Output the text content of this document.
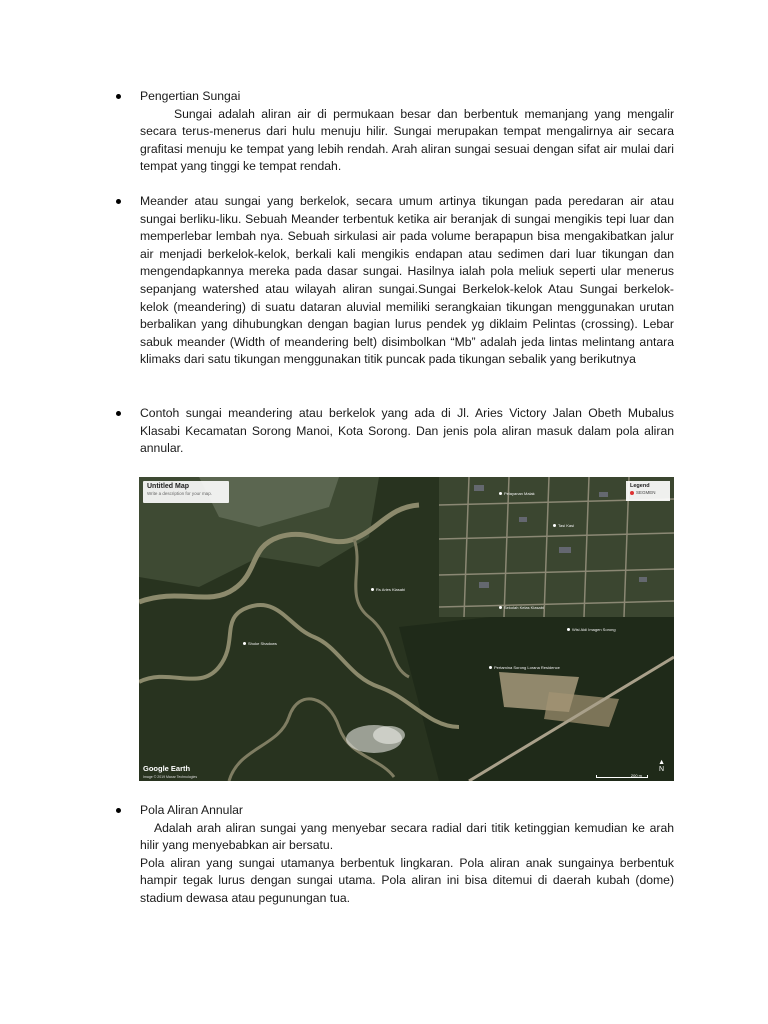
Pengertian Sungai
Sungai adalah aliran air di permukaan besar dan berbentuk memanjang yang mengalir secara terus-menerus dari hulu menuju hilir. Sungai merupakan tempat mengalirnya air secara grafitasi menuju ke tempat yang lebih rendah. Arah aliran sungai sesuai dengan sifat air mulai dari tempat yang tinggi ke tempat rendah.
Meander atau sungai yang berkelok, secara umum artinya tikungan pada peredaran air atau sungai berliku-liku. Sebuah Meander terbentuk ketika air beranjak di sungai mengikis tepi luar dan memperlebar lembah nya. Sebuah sirkulasi air pada volume berapapun bisa mengakibatkan jalur air menjadi berkelok-kelok, berkali kali mengikis endapan atau sedimen dari luar tikungan dan mengendapkannya mereka pada dasar sungai. Hasilnya ialah pola meliuk seperti ular menerus sepanjang watershed atau wilayah aliran sungai.Sungai Berkelok-kelok Atau Sungai berkelok-kelok (meandering) di suatu dataran aluvial memiliki serangkaian tikungan menggunakan urutan berbalikan yang dihubungkan dengan bagian lurus pendek yg diklaim Pelintas (crossing). Lebar sabuk meander (Width of meandering belt) disimbolkan “Mb” adalah jeda lintas melintang antara klimaks dari satu tikungan menggunakan titik puncak pada tikungan sebalik yang berikutnya
Contoh sungai meandering atau berkelok yang ada di Jl. Aries Victory Jalan Obeth Mubalus Klasabi Kecamatan Sorong Manoi, Kota Sorong. Dan jenis pola aliran masuk dalam pola aliran annular.
Untitled Map
Write a description for your map.
Legend
SEGMEN
Rs Aries Klasabi
Shoke Shadows
Pelayanan Malak
Tasi Kasi
Sekolah Kelas Klasabi
Wisi Aidi Imagen Sorong
Pertamina Sorong Lorana Residence
Google Earth
Image © 2019 Maxar Technologies	200 m
▲
N
Pola Aliran Annular
Adalah arah aliran sungai yang menyebar secara radial dari titik ketinggian kemudian ke arah hilir yang menyebabkan air bersatu.
Pola aliran yang sungai utamanya berbentuk lingkaran. Pola aliran anak sungainya berbentuk hampir tegak lurus dengan sungai utama. Pola aliran ini bisa ditemui di daerah kubah (dome) stadium dewasa atau pegunungan tua.
